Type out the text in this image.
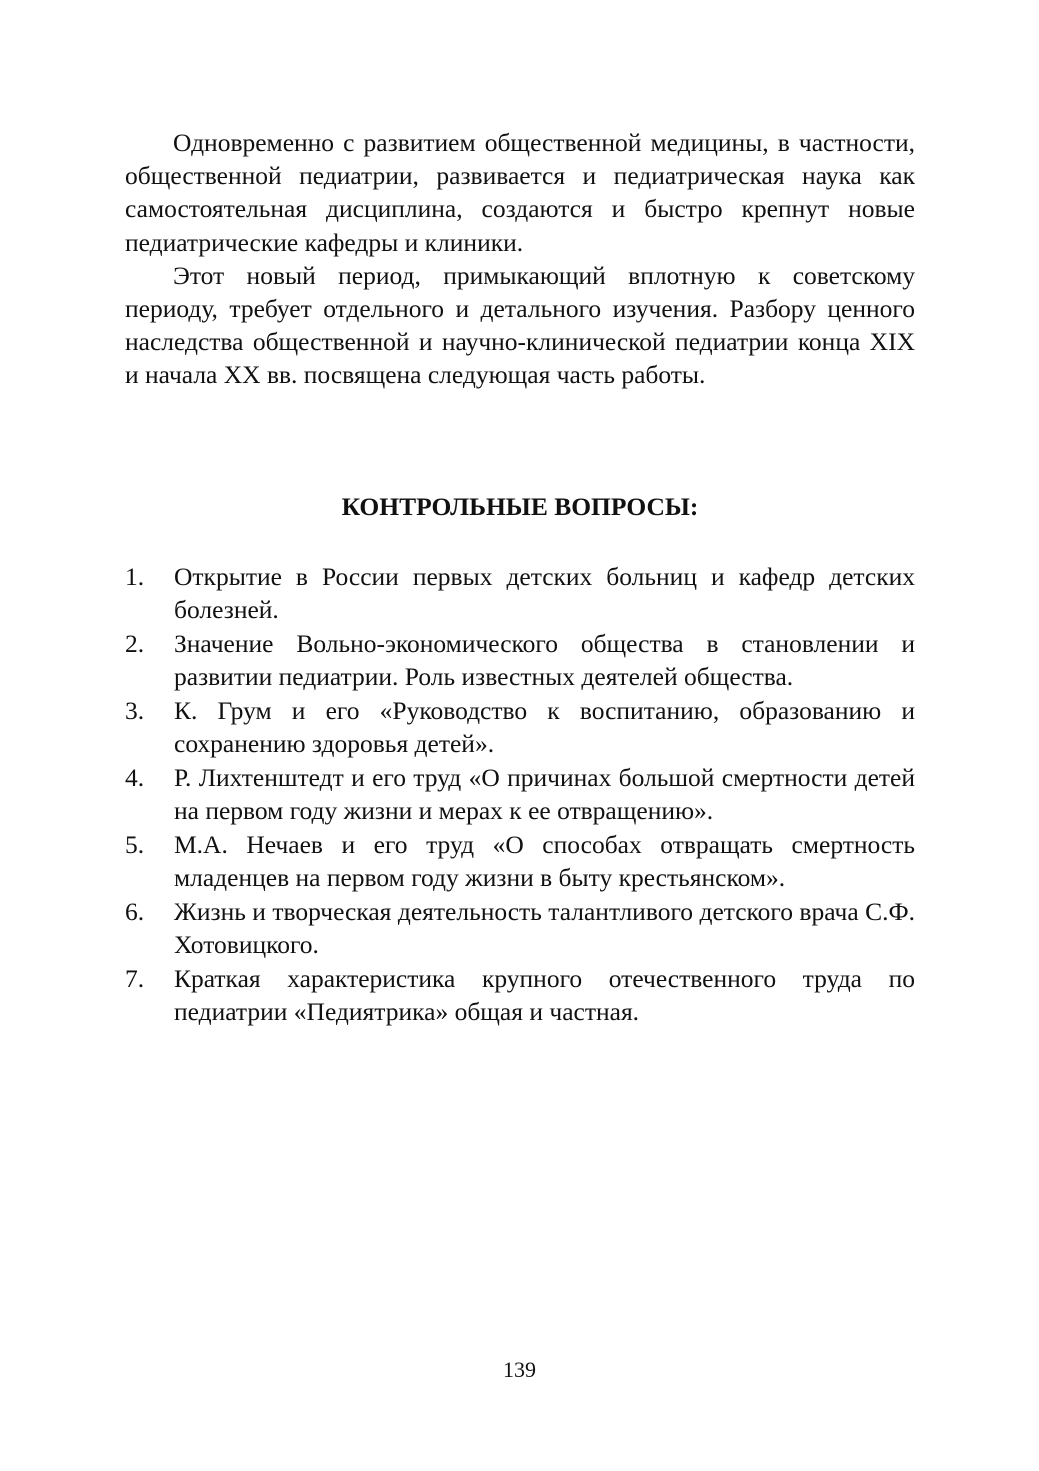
Одновременно с развитием общественной медицины, в частности, общественной педиатрии, развивается и педиатрическая наука как самостоятельная дисциплина, создаются и быстро крепнут новые педиатрические кафедры и клиники.

Этот новый период, примыкающий вплотную к советскому периоду, требует отдельного и детального изучения. Разбору ценного наследства общественной и научно-клинической педиатрии конца XIX и начала XX вв. посвящена следующая часть работы.

КОНТРОЛЬНЫЕ ВОПРОСЫ:
1. Открытие в России первых детских больниц и кафедр детских болезней.
2. Значение Вольно-экономического общества в становлении и развитии педиатрии. Роль известных деятелей общества.
3. К. Грум и его «Руководство к воспитанию, образованию и сохранению здоровья детей».
4. Р. Лихтенштедт и его труд «О причинах большой смертности детей на первом году жизни и мерах к ее отвращению».
5. М.А. Нечаев и его труд «О способах отвращать смертность младенцев на первом году жизни в быту крестьянском».
6. Жизнь и творческая деятельность талантливого детского врача С.Ф. Хотовицкого.
7. Краткая характеристика крупного отечественного труда по педиатрии «Педиятрика» общая и частная.
139
